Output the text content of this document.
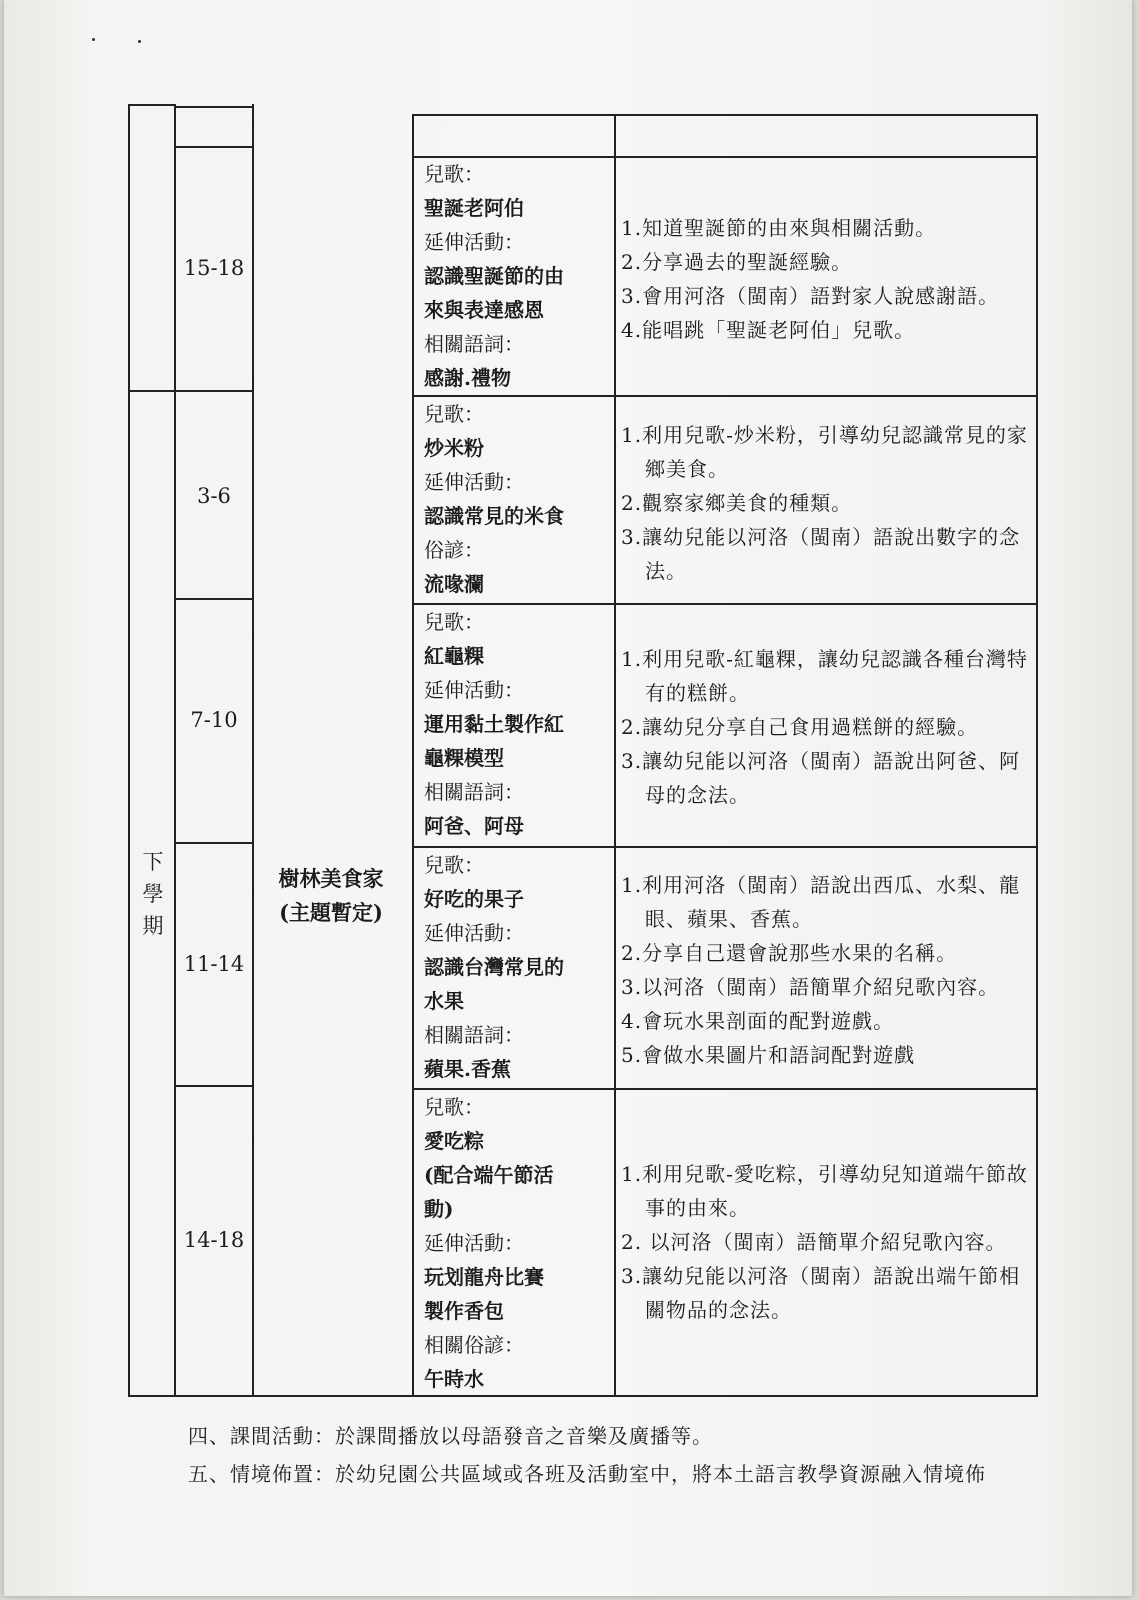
下學期
樹林美食家
(主題暫定)
15-18
兒歌：
聖誕老阿伯
延伸活動：
認識聖誕節的由
來與表達感恩
相關語詞：
感謝.禮物
1.知道聖誕節的由來與相關活動。
2.分享過去的聖誕經驗。
3.會用河洛（閩南）語對家人說感謝語。
4.能唱跳「聖誕老阿伯」兒歌。
3-6
兒歌：
炒米粉
延伸活動：
認識常見的米食
俗諺：
流喙瀾
1.利用兒歌-炒米粉，引導幼兒認識常見的家鄉美食。
2.觀察家鄉美食的種類。
3.讓幼兒能以河洛（閩南）語說出數字的念法。
7-10
兒歌：
紅龜粿
延伸活動：
運用黏土製作紅
龜粿模型
相關語詞：
阿爸、阿母
1.利用兒歌-紅龜粿，讓幼兒認識各種台灣特有的糕餅。
2.讓幼兒分享自己食用過糕餅的經驗。
3.讓幼兒能以河洛（閩南）語說出阿爸、阿母的念法。
11-14
兒歌：
好吃的果子
延伸活動：
認識台灣常見的
水果
相關語詞：
蘋果.香蕉
1.利用河洛（閩南）語說出西瓜、水梨、龍眼、蘋果、香蕉。
2.分享自己還會說那些水果的名稱。
3.以河洛（閩南）語簡單介紹兒歌內容。
4.會玩水果剖面的配對遊戲。
5.會做水果圖片和語詞配對遊戲
14-18
兒歌：
愛吃粽
(配合端午節活
動)
延伸活動：
玩划龍舟比賽
製作香包
相關俗諺：
午時水
1.利用兒歌-愛吃粽，引導幼兒知道端午節故事的由來。
2. 以河洛（閩南）語簡單介紹兒歌內容。
3.讓幼兒能以河洛（閩南）語說出端午節相關物品的念法。
四、課間活動：於課間播放以母語發音之音樂及廣播等。
五、情境佈置：於幼兒園公共區域或各班及活動室中，將本土語言教學資源融入情境佈
